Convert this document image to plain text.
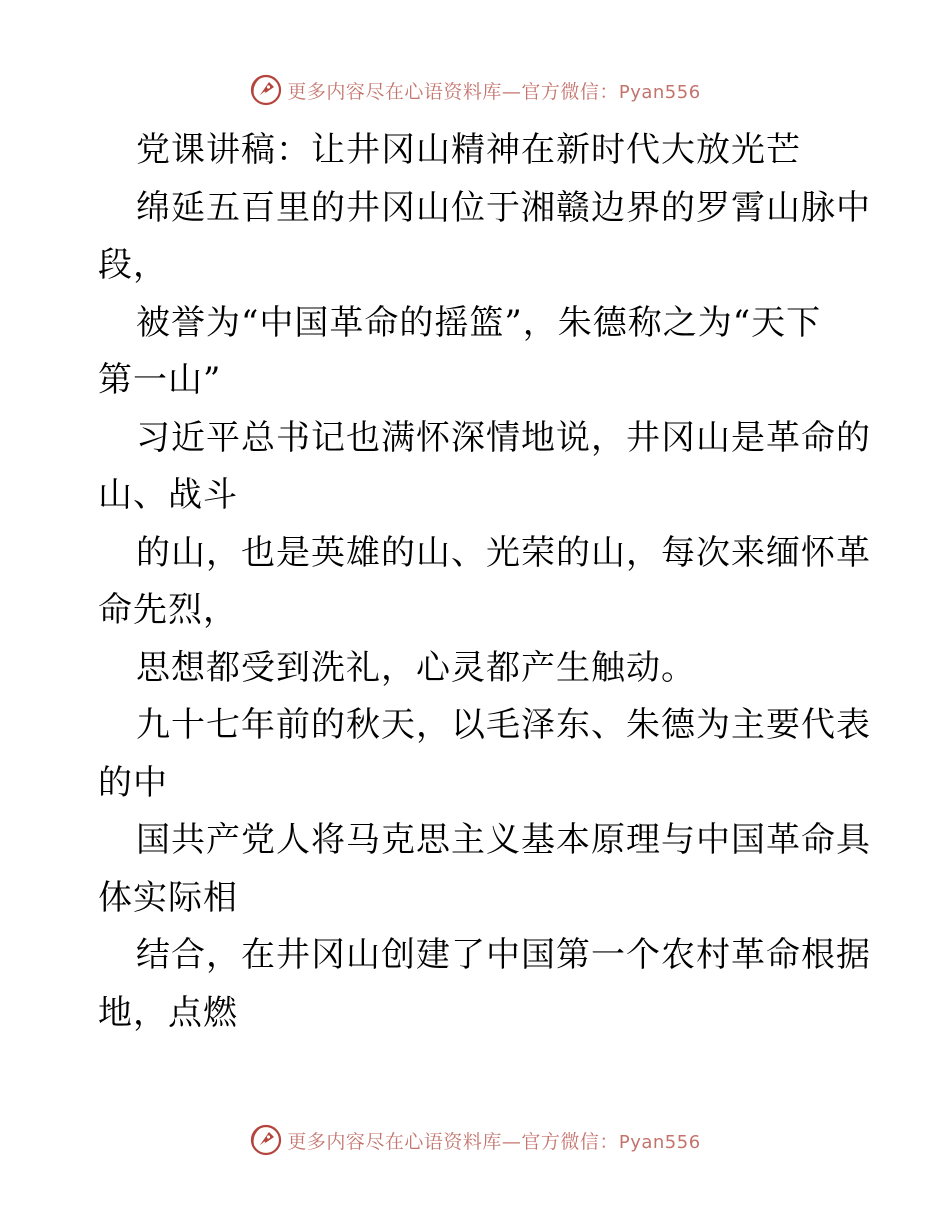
更多内容尽在心语资料库—官方微信：Pyan556
党课讲稿：让井冈山精神在新时代大放光芒
绵延五百里的井冈山位于湘赣边界的罗霄山脉中
段，
被誉为“中国革命的摇篮”，朱德称之为“天下
第一山”
习近平总书记也满怀深情地说，井冈山是革命的
山、战斗
的山，也是英雄的山、光荣的山，每次来缅怀革
命先烈，
思想都受到洗礼，心灵都产生触动。
九十七年前的秋天，以毛泽东、朱德为主要代表
的中
国共产党人将马克思主义基本原理与中国革命具
体实际相
结合，在井冈山创建了中国第一个农村革命根据
地，点燃
更多内容尽在心语资料库—官方微信：Pyan556
